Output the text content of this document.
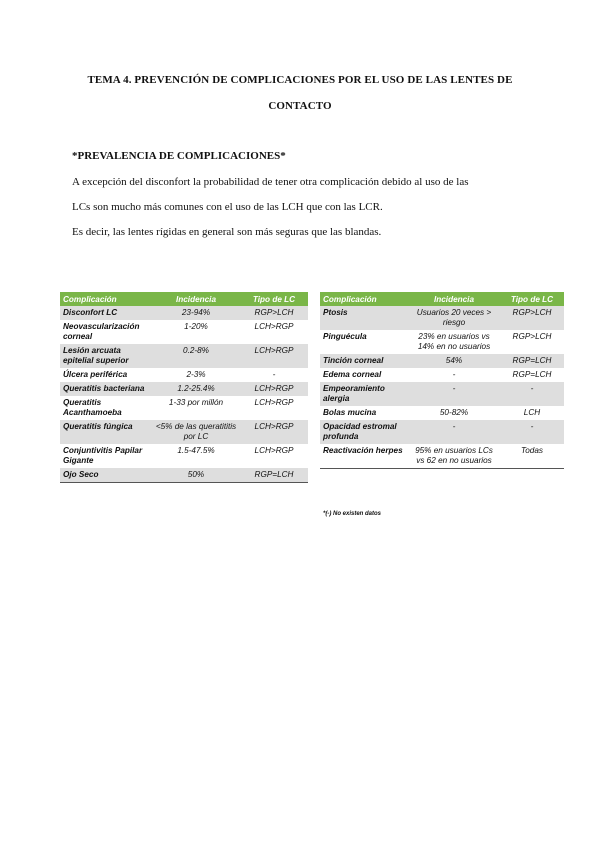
TEMA 4. PREVENCIÓN DE COMPLICACIONES POR EL USO DE LAS LENTES DE
CONTACTO
*PREVALENCIA DE COMPLICACIONES*
A excepción del disconfort la probabilidad de tener otra complicación debido al uso de las
LCs son mucho más comunes con el uso de las LCH que con las LCR.
Es decir, las lentes rígidas en general son más seguras que las blandas.
Complicación	Incidencia	Tipo de LC
Disconfort LC	23-94%	RGP>LCH
Neovascularización corneal	1-20%	LCH>RGP
Lesión arcuata epitelial superior	0.2-8%	LCH>RGP
Úlcera periférica	2-3%	-
Queratitis bacteriana	1.2-25.4%	LCH>RGP
Queratitis Acanthamoeba	1-33 por millón	LCH>RGP
Queratitis fúngica	<5% de las queratititis por LC	LCH>RGP
Conjuntivitis Papilar Gigante	1.5-47.5%	LCH>RGP
Ojo Seco	50%	RGP=LCH
Complicación	Incidencia	Tipo de LC
Ptosis	Usuarios 20 veces > riesgo	RGP>LCH
Pinguécula	23% en usuarios vs 14% en no usuarios	RGP>LCH
Tinción corneal	54%	RGP=LCH
Edema corneal	-	RGP=LCH
Empeoramiento alergia	-	-
Bolas mucina	50-82%	LCH
Opacidad estromal profunda	-	-
Reactivación herpes	95% en usuarios LCs vs 62 en no usuarios	Todas
*(-) No existen datos
